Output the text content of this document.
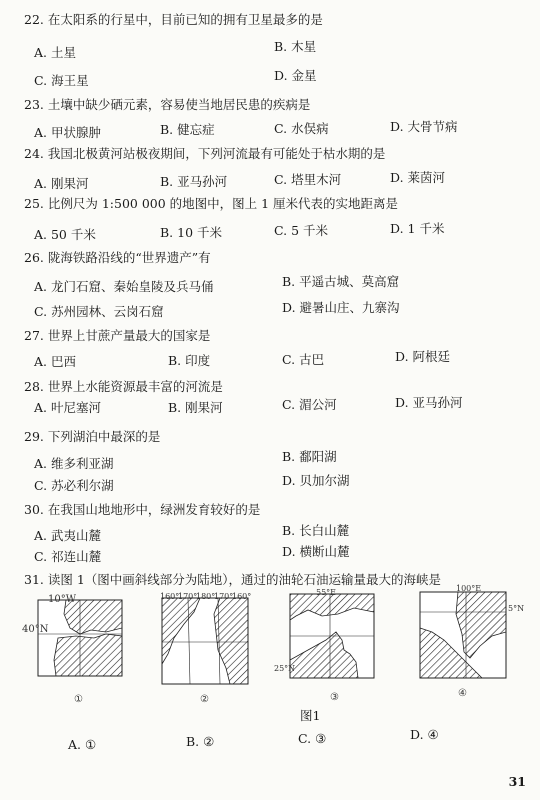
22. 在太阳系的行星中，目前已知的拥有卫星最多的是
A. 土星	B. 木星
C. 海王星	D. 金星
23. 土壤中缺少硒元素，容易使当地居民患的疾病是
A. 甲状腺肿	B. 健忘症	C. 水俣病	D. 大骨节病
24. 我国北极黄河站极夜期间，下列河流最有可能处于枯水期的是
A. 刚果河	B. 亚马孙河	C. 塔里木河	D. 莱茵河
25. 比例尺为 1:500 000 的地图中，图上 1 厘米代表的实地距离是
A. 50 千米	B. 10 千米	C. 5 千米	D. 1 千米
26. 陇海铁路沿线的“世界遗产”有
A. 龙门石窟、秦始皇陵及兵马俑	B. 平遥古城、莫高窟
C. 苏州园林、云岗石窟	D. 避暑山庄、九寨沟
27. 世界上甘蔗产量最大的国家是
A. 巴西	B. 印度	C. 古巴	D. 阿根廷
28. 世界上水能资源最丰富的河流是
A. 叶尼塞河	B. 刚果河	C. 湄公河	D. 亚马孙河
29. 下列湖泊中最深的是
A. 维多利亚湖	B. 鄱阳湖
C. 苏必利尔湖	D. 贝加尔湖
30. 在我国山地地形中，绿洲发育较好的是
A. 武夷山麓	B. 长白山麓
C. 祁连山麓	D. 横断山麓
31. 读图 1（图中画斜线部分为陆地），通过的油轮石油运输量最大的海峡是
10°W
40°N
①
160°
170°
180°
170°
160°
②
55°E
25°N
③
100°E
5°N
④
图1
A. ①	B. ②	C. ③	D. ④
31
